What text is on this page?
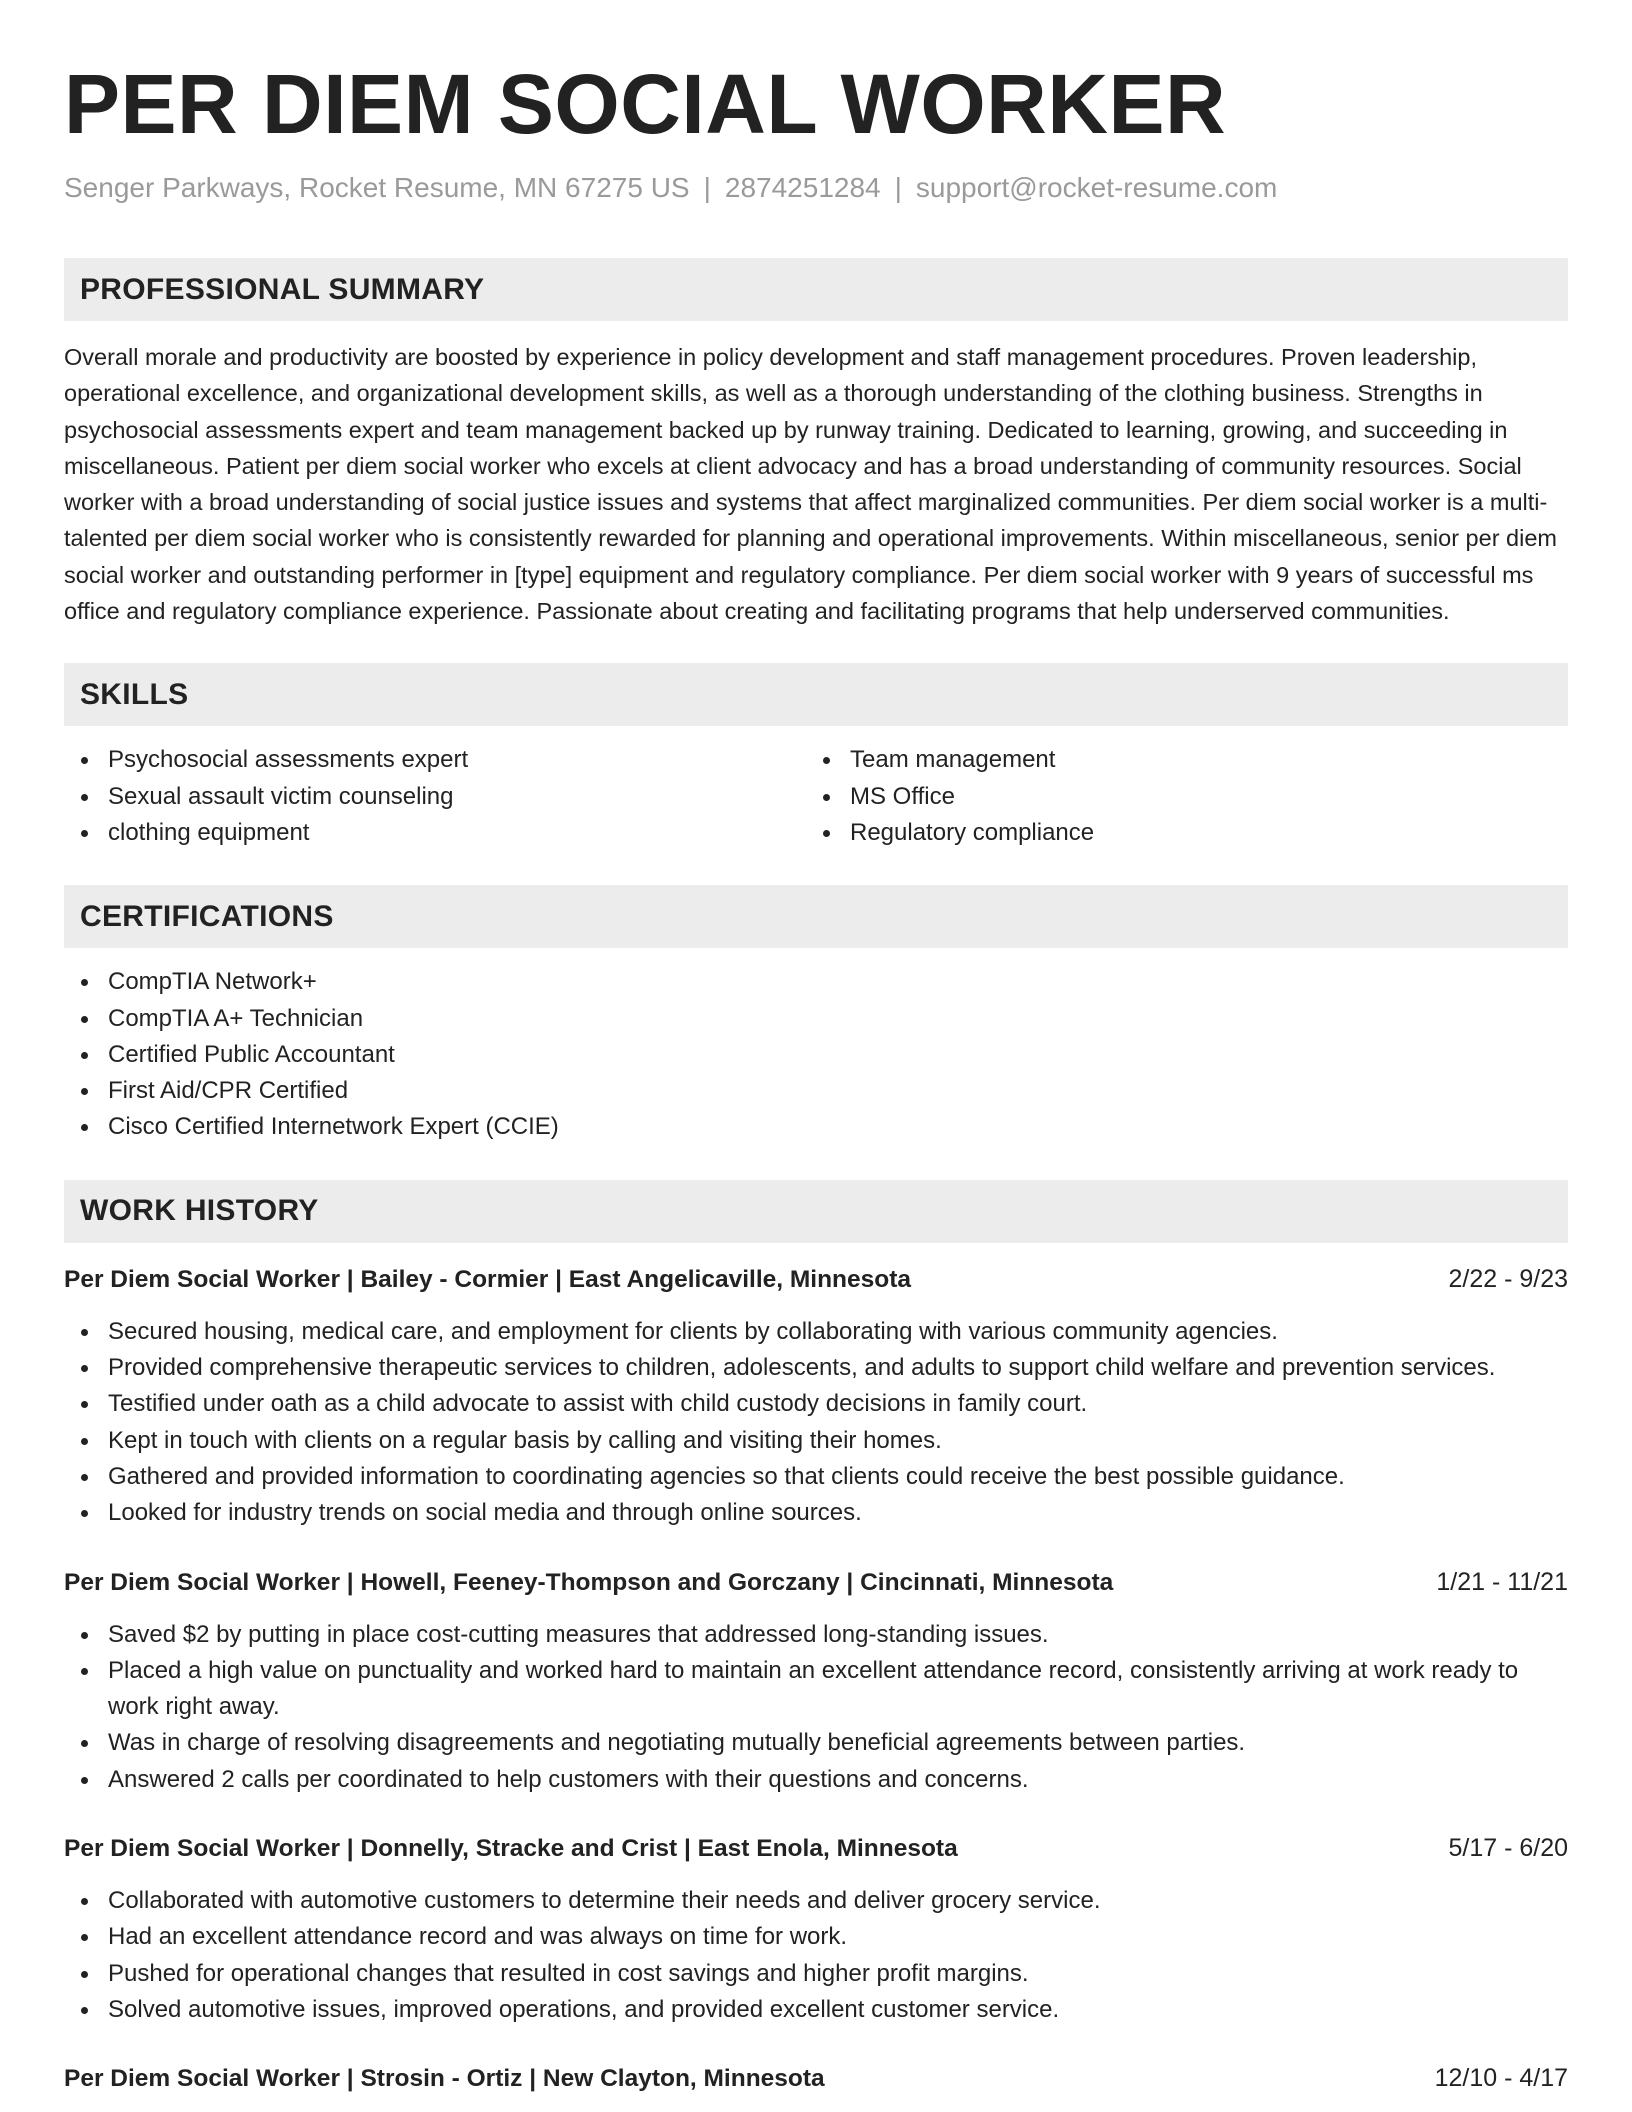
PER DIEM SOCIAL WORKER
Senger Parkways, Rocket Resume, MN 67275 US | 2874251284 | support@rocket-resume.com
PROFESSIONAL SUMMARY
Overall morale and productivity are boosted by experience in policy development and staff management procedures. Proven leadership, operational excellence, and organizational development skills, as well as a thorough understanding of the clothing business. Strengths in psychosocial assessments expert and team management backed up by runway training. Dedicated to learning, growing, and succeeding in miscellaneous. Patient per diem social worker who excels at client advocacy and has a broad understanding of community resources. Social worker with a broad understanding of social justice issues and systems that affect marginalized communities. Per diem social worker is a multi-talented per diem social worker who is consistently rewarded for planning and operational improvements. Within miscellaneous, senior per diem social worker and outstanding performer in [type] equipment and regulatory compliance. Per diem social worker with 9 years of successful ms office and regulatory compliance experience. Passionate about creating and facilitating programs that help underserved communities.
SKILLS
Psychosocial assessments expert
Sexual assault victim counseling
clothing equipment
Team management
MS Office
Regulatory compliance
CERTIFICATIONS
CompTIA Network+
CompTIA A+ Technician
Certified Public Accountant
First Aid/CPR Certified
Cisco Certified Internetwork Expert (CCIE)
WORK HISTORY
Per Diem Social Worker | Bailey - Cormier | East Angelicaville, Minnesota	2/22 - 9/23
Secured housing, medical care, and employment for clients by collaborating with various community agencies.
Provided comprehensive therapeutic services to children, adolescents, and adults to support child welfare and prevention services.
Testified under oath as a child advocate to assist with child custody decisions in family court.
Kept in touch with clients on a regular basis by calling and visiting their homes.
Gathered and provided information to coordinating agencies so that clients could receive the best possible guidance.
Looked for industry trends on social media and through online sources.
Per Diem Social Worker | Howell, Feeney-Thompson and Gorczany | Cincinnati, Minnesota	1/21 - 11/21
Saved $2 by putting in place cost-cutting measures that addressed long-standing issues.
Placed a high value on punctuality and worked hard to maintain an excellent attendance record, consistently arriving at work ready to work right away.
Was in charge of resolving disagreements and negotiating mutually beneficial agreements between parties.
Answered 2 calls per coordinated to help customers with their questions and concerns.
Per Diem Social Worker | Donnelly, Stracke and Crist | East Enola, Minnesota	5/17 - 6/20
Collaborated with automotive customers to determine their needs and deliver grocery service.
Had an excellent attendance record and was always on time for work.
Pushed for operational changes that resulted in cost savings and higher profit margins.
Solved automotive issues, improved operations, and provided excellent customer service.
Per Diem Social Worker | Strosin - Ortiz | New Clayton, Minnesota	12/10 - 4/17
